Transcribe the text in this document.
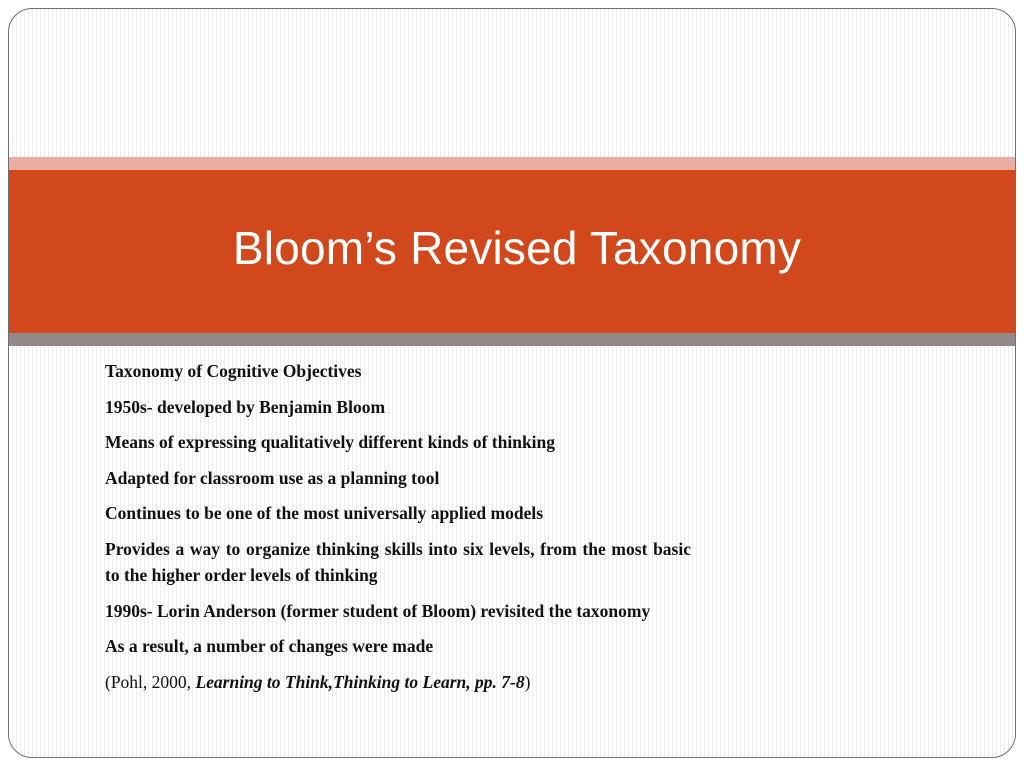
Bloom’s Revised Taxonomy
Taxonomy of Cognitive Objectives
1950s- developed by Benjamin Bloom
Means of expressing qualitatively different kinds of thinking
Adapted for classroom use as a planning tool
Continues to be one of the most universally applied models
Provides a way to organize thinking skills into six levels, from the most basic to the higher order levels of thinking
1990s- Lorin Anderson (former student of Bloom) revisited the taxonomy
As a result, a number of changes were made
(Pohl, 2000, Learning to Think,Thinking to Learn, pp. 7-8)
